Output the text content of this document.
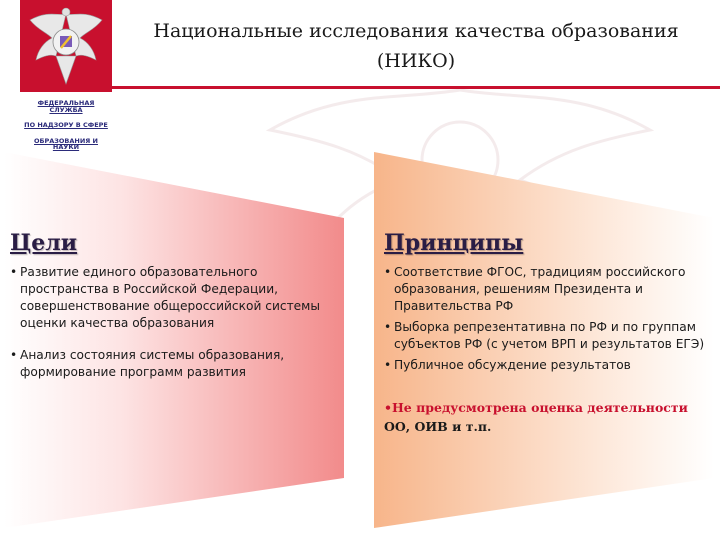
ФЕДЕРАЛЬНАЯ СЛУЖБА
ПО НАДЗОРУ В СФЕРЕ
ОБРАЗОВАНИЯ И НАУКИ
Национальные исследования качества образования
(НИКО)
Цели
• Развитие единого образовательного пространства в Российской Федерации, совершенствование общероссийской системы оценки качества образования
• Анализ состояния системы образования, формирование программ развития
Принципы
• Соответствие ФГОС, традициям российского образования, решениям Президента и Правительства РФ
• Выборка репрезентативна по РФ и по группам субъектов РФ (с учетом ВРП и результатов ЕГЭ)
• Публичное обсуждение результатов
•Не предусмотрена оценка деятельности
ОО, ОИВ и т.п.
